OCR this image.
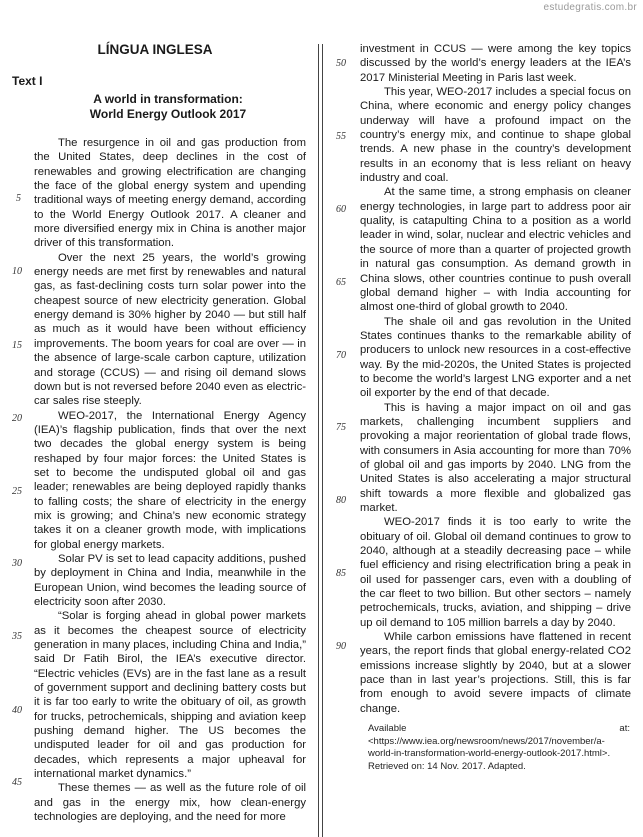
estudegratis.com.br
LÍNGUA INGLESA
Text I
A world in transformation:
World Energy Outlook 2017

The resurgence in oil and gas production from the United States, deep declines in the cost of renewables and growing electrification are changing the face of the global energy system and upending traditional ways of meeting energy demand, according to the World Energy Outlook 2017. A cleaner and more diversified energy mix in China is another major driver of this transformation.

Over the next 25 years, the world’s growing energy needs are met first by renewables and natural gas, as fast-declining costs turn solar power into the cheapest source of new electricity generation. Global energy demand is 30% higher by 2040 — but still half as much as it would have been without efficiency improvements. The boom years for coal are over — in the absence of large-scale carbon capture, utilization and storage (CCUS) — and rising oil demand slows down but is not reversed before 2040 even as electric-car sales rise steeply.

WEO-2017, the International Energy Agency (IEA)’s flagship publication, finds that over the next two decades the global energy system is being reshaped by four major forces: the United States is set to become the undisputed global oil and gas leader; renewables are being deployed rapidly thanks to falling costs; the share of electricity in the energy mix is growing; and China’s new economic strategy takes it on a cleaner growth mode, with implications for global energy markets.

Solar PV is set to lead capacity additions, pushed by deployment in China and India, meanwhile in the European Union, wind becomes the leading source of electricity soon after 2030.

“Solar is forging ahead in global power markets as it becomes the cheapest source of electricity generation in many places, including China and India,” said Dr Fatih Birol, the IEA’s executive director. “Electric vehicles (EVs) are in the fast lane as a result of government support and declining battery costs but it is far too early to write the obituary of oil, as growth for trucks, petrochemicals, shipping and aviation keep pushing demand higher. The US becomes the undisputed leader for oil and gas production for decades, which represents a major upheaval for international market dynamics.”

These themes — as well as the future role of oil and gas in the energy mix, how clean-energy technologies are deploying, and the need for more

investment in CCUS — were among the key topics discussed by the world’s energy leaders at the IEA’s 2017 Ministerial Meeting in Paris last week.

This year, WEO-2017 includes a special focus on China, where economic and energy policy changes underway will have a profound impact on the country’s energy mix, and continue to shape global trends. A new phase in the country’s development results in an economy that is less reliant on heavy industry and coal.

At the same time, a strong emphasis on cleaner energy technologies, in large part to address poor air quality, is catapulting China to a position as a world leader in wind, solar, nuclear and electric vehicles and the source of more than a quarter of projected growth in natural gas consumption. As demand growth in China slows, other countries continue to push overall global demand higher – with India accounting for almost one-third of global growth to 2040.

The shale oil and gas revolution in the United States continues thanks to the remarkable ability of producers to unlock new resources in a cost-effective way. By the mid-2020s, the United States is projected to become the world’s largest LNG exporter and a net oil exporter by the end of that decade.

This is having a major impact on oil and gas markets, challenging incumbent suppliers and provoking a major reorientation of global trade flows, with consumers in Asia accounting for more than 70% of global oil and gas imports by 2040. LNG from the United States is also accelerating a major structural shift towards a more flexible and globalized gas market.

WEO-2017 finds it is too early to write the obituary of oil. Global oil demand continues to grow to 2040, although at a steadily decreasing pace – while fuel efficiency and rising electrification bring a peak in oil used for passenger cars, even with a doubling of the car fleet to two billion. But other sectors – namely petrochemicals, trucks, aviation, and shipping – drive up oil demand to 105 million barrels a day by 2040.

While carbon emissions have flattened in recent years, the report finds that global energy-related CO2 emissions increase slightly by 2040, but at a slower pace than in last year’s projections. Still, this is far from enough to avoid severe impacts of climate change.

5
10
15
20
25
30
35
40
45
50
55
60
65
70
75
80
85
90
Available at: <https://www.iea.org/newsroom/news/2017/november/a-world-in-transformation-world-energy-outlook-2017.html>. Retrieved on: 14 Nov. 2017. Adapted.
